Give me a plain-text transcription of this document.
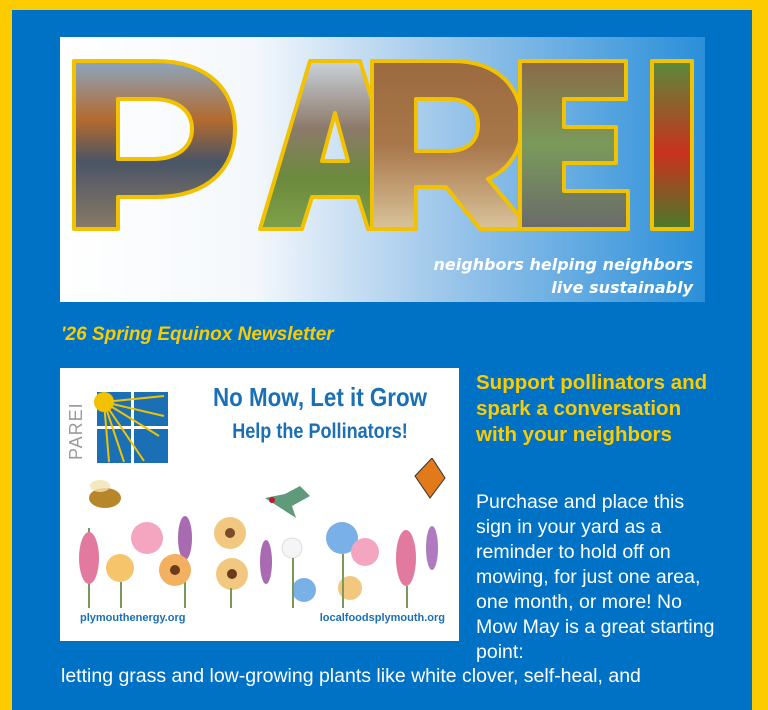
neighbors helping neighbors
live sustainably
'26 Spring Equinox Newsletter
PAREI
No Mow, Let it Grow
Help the Pollinators!
plymouthenergy.org	localfoodsplymouth.org
Support pollinators and spark a conversation with your neighbors
Purchase and place this sign in your yard as a reminder to hold off on mowing, for just one area, one month, or more! No Mow May is a great starting point:
letting grass and low-growing plants like white clover, self-heal, and
